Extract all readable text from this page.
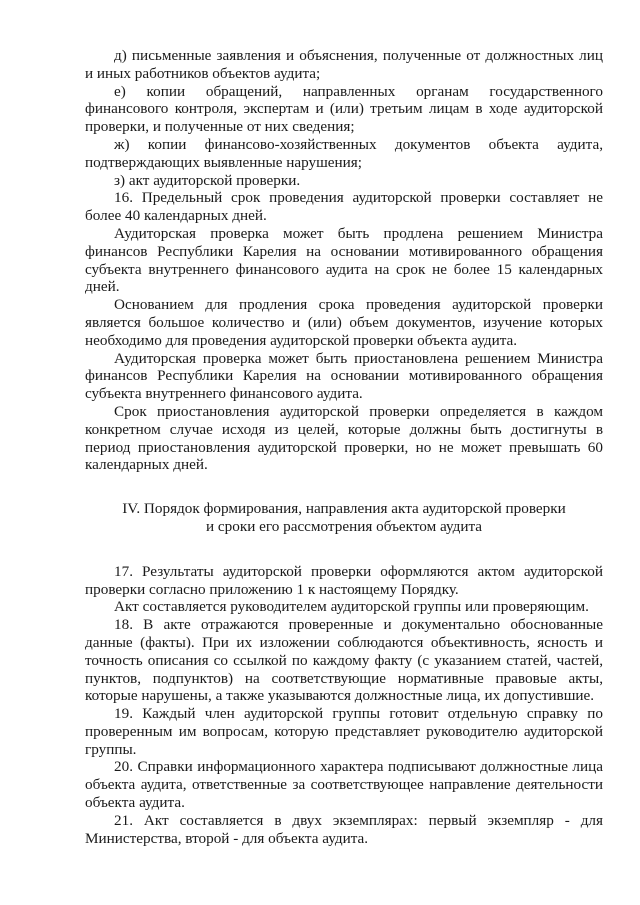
д) письменные заявления и объяснения, полученные от должностных лиц и иных работников объектов аудита;

е) копии обращений, направленных органам государственного финансового контроля, экспертам и (или) третьим лицам в ходе аудиторской проверки, и полученные от них сведения;

ж) копии финансово-хозяйственных документов объекта аудита, подтверждающих выявленные нарушения;

з) акт аудиторской проверки.

16. Предельный срок проведения аудиторской проверки составляет не более 40 календарных дней.

Аудиторская проверка может быть продлена решением Министра финансов Республики Карелия на основании мотивированного обращения субъекта внутреннего финансового аудита на срок не более 15 календарных дней.

Основанием для продления срока проведения аудиторской проверки является большое количество и (или) объем документов, изучение которых необходимо для проведения аудиторской проверки объекта аудита.

Аудиторская проверка может быть приостановлена решением Министра финансов Республики Карелия на основании мотивированного обращения субъекта внутреннего финансового аудита.

Срок приостановления аудиторской проверки определяется в каждом конкретном случае исходя из целей, которые должны быть достигнуты в период приостановления аудиторской проверки, но не может превышать 60 календарных дней.

IV. Порядок формирования, направления акта аудиторской проверки

и сроки его рассмотрения объектом аудита

17. Результаты аудиторской проверки оформляются актом аудиторской проверки согласно приложению 1 к настоящему Порядку.

Акт составляется руководителем аудиторской группы или проверяющим.

18. В акте отражаются проверенные и документально обоснованные данные (факты). При их изложении соблюдаются объективность, ясность и точность описания со ссылкой по каждому факту (с указанием статей, частей, пунктов, подпунктов) на соответствующие нормативные правовые акты, которые нарушены, а также указываются должностные лица, их допустившие.

19. Каждый член аудиторской группы готовит отдельную справку по проверенным им вопросам, которую представляет руководителю аудиторской группы.

20. Справки информационного характера подписывают должностные лица объекта аудита, ответственные за соответствующее направление деятельности объекта аудита.

21. Акт составляется в двух экземплярах: первый экземпляр - для Министерства, второй - для объекта аудита.
